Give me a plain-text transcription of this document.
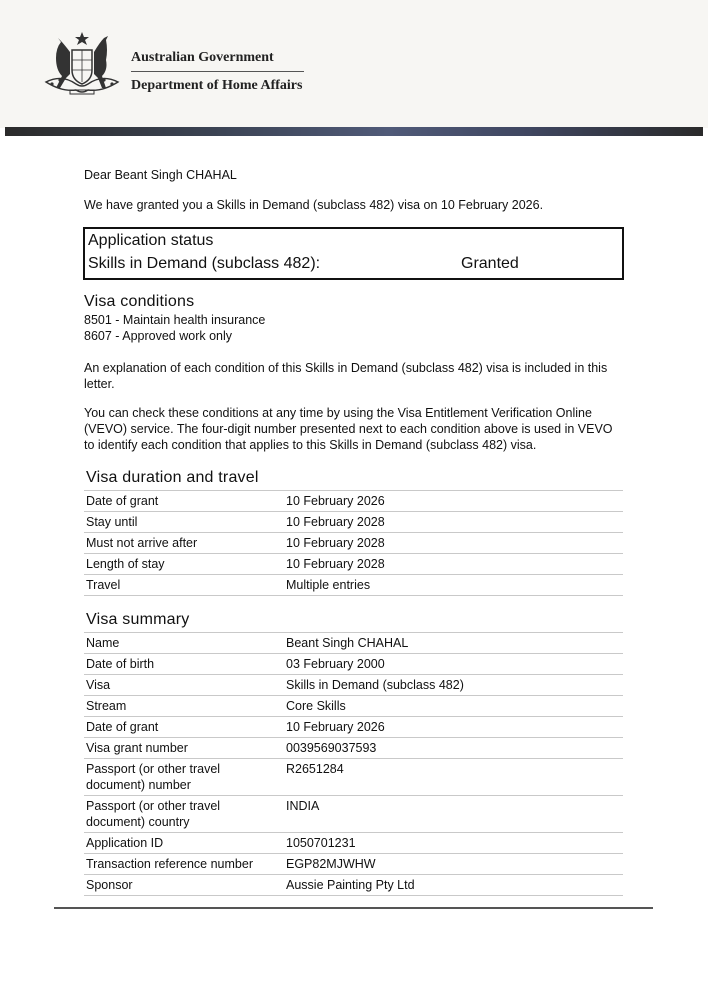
Australian Government
Department of Home Affairs
Dear Beant Singh CHAHAL
We have granted you a Skills in Demand (subclass 482) visa on 10 February 2026.
Application status
Skills in Demand (subclass 482):	Granted
Visa conditions
8501 - Maintain health insurance
8607 - Approved work only
An explanation of each condition of this Skills in Demand (subclass 482) visa is included in this letter.
You can check these conditions at any time by using the Visa Entitlement Verification Online (VEVO) service. The four-digit number presented next to each condition above is used in VEVO to identify each condition that applies to this Skills in Demand (subclass 482) visa.
Visa duration and travel
Date of grant	10 February 2026
Stay until	10 February 2028
Must not arrive after	10 February 2028
Length of stay	10 February 2028
Travel	Multiple entries
Visa summary
Name	Beant Singh CHAHAL
Date of birth	03 February 2000
Visa	Skills in Demand (subclass 482)
Stream	Core Skills
Date of grant	10 February 2026
Visa grant number	0039569037593
Passport (or other travel document) number	R2651284
Passport (or other travel document) country	INDIA
Application ID	1050701231
Transaction reference number	EGP82MJWHW
Sponsor	Aussie Painting Pty Ltd
